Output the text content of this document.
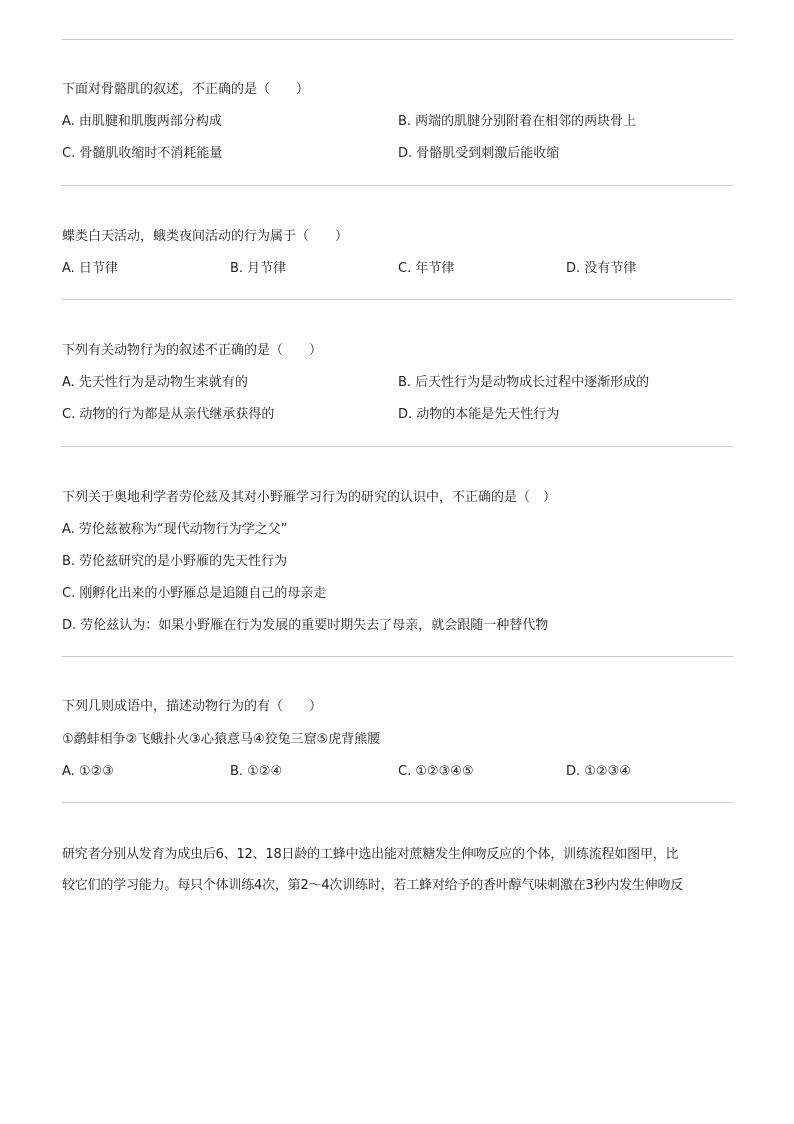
下面对骨骼肌的叙述，不正确的是（　　）
A. 由肌腱和肌腹两部分构成	B. 两端的肌腱分别附着在相邻的两块骨上
C. 骨髓肌收缩时不消耗能量	D. 骨骼肌受到刺激后能收缩
蝶类白天活动，蛾类夜间活动的行为属于（　　）
A. 日节律	B. 月节律	C. 年节律	D. 没有节律
下列有关动物行为的叙述不正确的是（　　）
A. 先天性行为是动物生来就有的	B. 后天性行为是动物成长过程中逐渐形成的
C. 动物的行为都是从亲代继承获得的	D. 动物的本能是先天性行为
下列关于奥地利学者劳伦兹及其对小野雁学习行为的研究的认识中，不正确的是（　）
A. 劳伦兹被称为“现代动物行为学之父”
B. 劳伦兹研究的是小野雁的先天性行为
C. 刚孵化出来的小野雁总是追随自己的母亲走
D. 劳伦兹认为：如果小野雁在行为发展的重要时期失去了母亲，就会跟随一种替代物
下列几则成语中，描述动物行为的有（　　）
①鹬蚌相争②飞蛾扑火③心猿意马④狡兔三窟⑤虎背熊腰
A. ①②③	B. ①②④	C. ①②③④⑤	D. ①②③④
研究者分别从发育为成虫后6、12、18日龄的工蜂中选出能对蔗糖发生伸吻反应的个体，训练流程如图甲，比
较它们的学习能力。每只个体训练4次，第2～4次训练时，若工蜂对给予的香叶醇气味刺激在3秒内发生伸吻反
